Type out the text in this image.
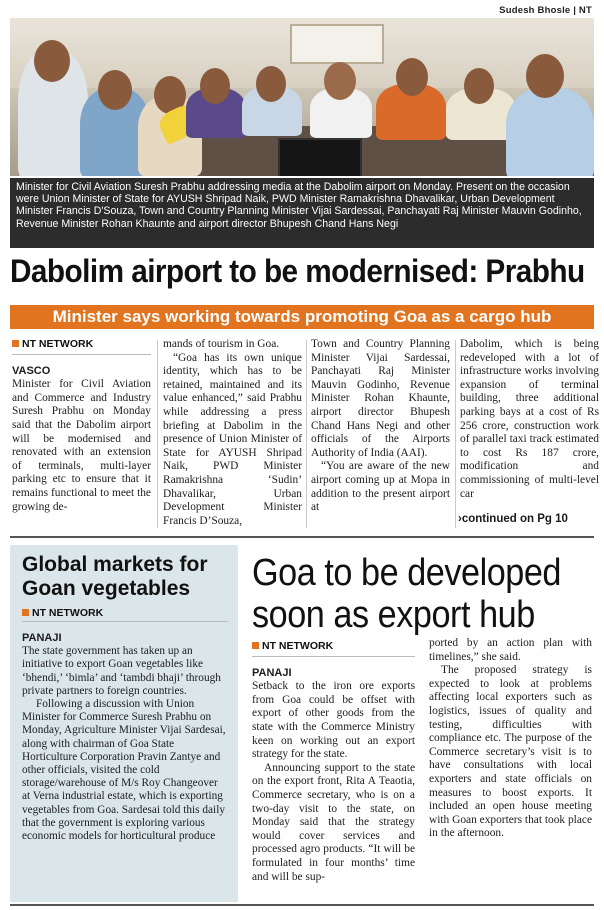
Sudesh Bhosle | NT
Minister for Civil Aviation Suresh Prabhu addressing media at the Dabolim airport on Monday. Present on the occasion were Union Minister of State for AYUSH Shripad Naik, PWD Minister Ramakrishna Dhavalikar, Urban Development Minister Francis D'Souza, Town and Country Planning Minister Vijai Sardessai, Panchayati Raj Minister Mauvin Godinho, Revenue Minister Rohan Khaunte and airport director Bhupesh Chand Hans Negi
Dabolim airport to be modernised: Prabhu
Minister says working towards promoting Goa as a cargo hub
NT NETWORK
VASCO

Minister for Civil Aviation and Commerce and Industry Suresh Prabhu on Monday said that the Dabolim airport will be modernised and renovated with an extension of terminals, multi-layer parking etc to ensure that it remains functional to meet the growing de-

mands of tourism in Goa.

“Goa has its own unique identity, which has to be retained, maintained and its value enhanced,” said Prabhu while addressing a press briefing at Dabolim in the presence of Union Minister of State for AYUSH Shripad Naik, PWD Minister Ramakrishna ‘Sudin’ Dhavalikar, Urban Development Minister Francis D’Souza,

Town and Country Planning Minister Vijai Sardessai, Panchayati Raj Minister Mauvin Godinho, Revenue Minister Rohan Khaunte, airport director Bhupesh Chand Hans Negi and other officials of the Airports Authority of India (AAI).

“You are aware of the new airport coming up at Mopa in addition to the present airport at

Dabolim, which is being redeveloped with a lot of infrastructure works involving expansion of terminal building, three additional parking bays at a cost of Rs 256 crore, construction work of parallel taxi track estimated to cost Rs 187 crore, modification and commissioning of multi-level car

›continued on Pg 10
Global markets for Goan vegetables
NT NETWORK
PANAJI

The state government has taken up an initiative to export Goan vegetables like ‘bhendi,’ ‘bimla’ and ‘tambdi bhaji’ through private partners to foreign countries.

Following a discussion with Union Minister for Commerce Suresh Prabhu on Monday, Agriculture Minister Vijai Sardesai, along with chairman of Goa State Horticulture Corporation Pravin Zantye and other officials, visited the cold storage/warehouse of M/s Roy Changeover at Verna industrial estate, which is exporting vegetables from Goa. Sardesai told this daily that the government is exploring various economic models for horticultural produce

Goa to be developed soon as export hub
NT NETWORK
PANAJI

Setback to the iron ore exports from Goa could be offset with export of other goods from the state with the Commerce Ministry keen on working out an export strategy for the state.

Announcing support to the state on the export front, Rita A Teaotia, Commerce secretary, who is on a two-day visit to the state, on Monday said that the strategy would cover services and processed agro products. “It will be formulated in four months’ time and will be sup-

ported by an action plan with timelines,” she said.

The proposed strategy is expected to look at problems affecting local exporters such as logistics, issues of quality and testing, difficulties with compliance etc. The purpose of the Commerce secretary’s visit is to have consultations with local exporters and state officials on measures to boost exports. It included an open house meeting with Goan exporters that took place in the afternoon.
